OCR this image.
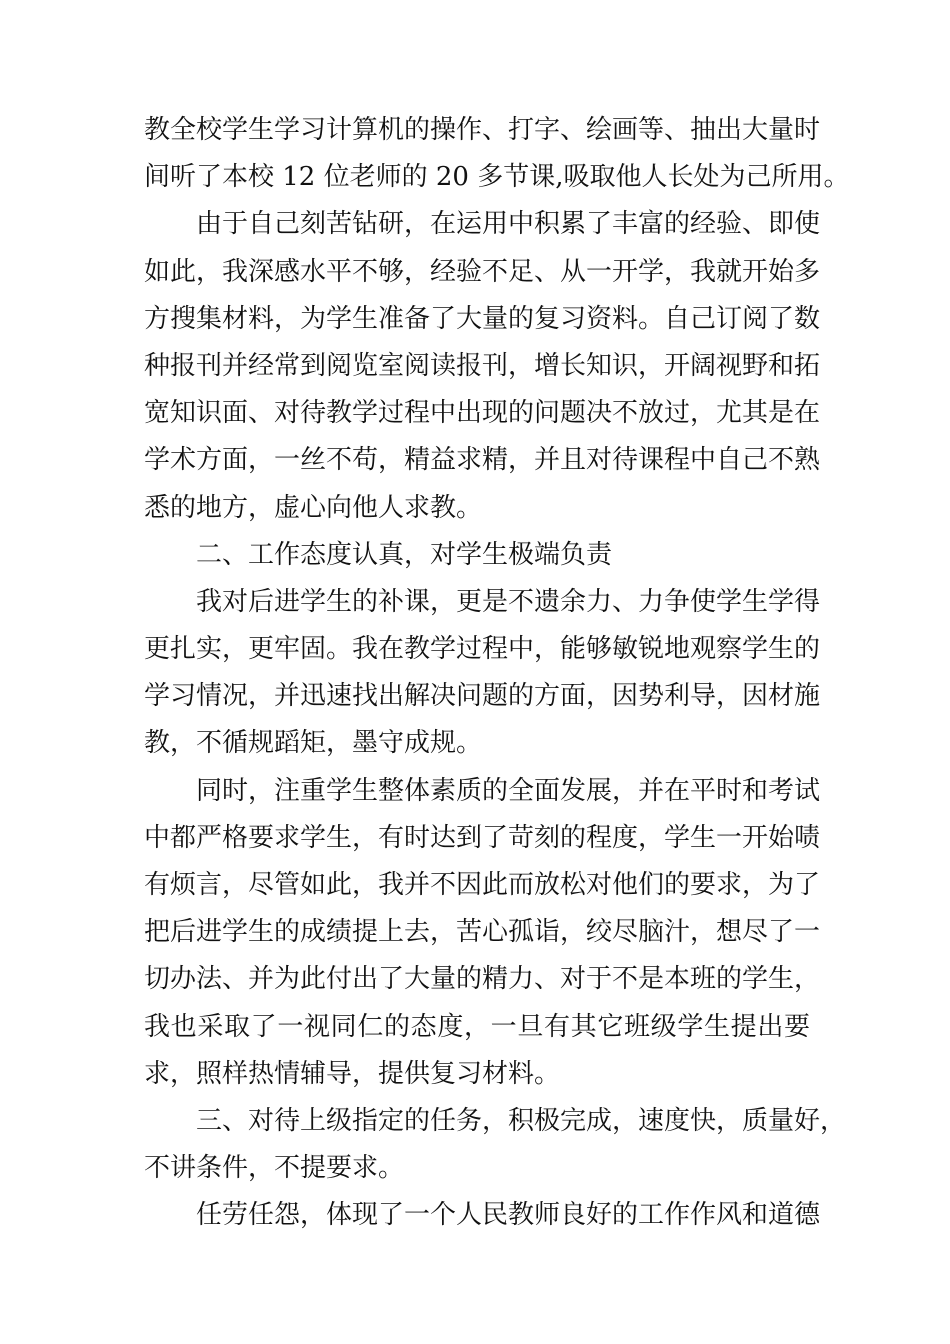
教全校学生学习计算机的操作、打字、绘画等、抽出大量时
间听了本校 12 位老师的 20 多节课,吸取他人长处为己所用。
由于自己刻苦钻研，在运用中积累了丰富的经验、即使
如此，我深感水平不够，经验不足、从一开学，我就开始多
方搜集材料，为学生准备了大量的复习资料。自己订阅了数
种报刊并经常到阅览室阅读报刊，增长知识，开阔视野和拓
宽知识面、对待教学过程中出现的问题决不放过，尤其是在
学术方面，一丝不苟，精益求精，并且对待课程中自己不熟
悉的地方，虚心向他人求教。
二、工作态度认真，对学生极端负责
我对后进学生的补课，更是不遗余力、力争使学生学得
更扎实，更牢固。我在教学过程中，能够敏锐地观察学生的
学习情况，并迅速找出解决问题的方面，因势利导，因材施
教，不循规蹈矩，墨守成规。
同时，注重学生整体素质的全面发展，并在平时和考试
中都严格要求学生，有时达到了苛刻的程度，学生一开始啧
有烦言，尽管如此，我并不因此而放松对他们的要求，为了
把后进学生的成绩提上去，苦心孤诣，绞尽脑汁，想尽了一
切办法、并为此付出了大量的精力、对于不是本班的学生，
我也采取了一视同仁的态度，一旦有其它班级学生提出要
求，照样热情辅导，提供复习材料。
三、对待上级指定的任务，积极完成，速度快，质量好，
不讲条件，不提要求。
任劳任怨，体现了一个人民教师良好的工作作风和道德
